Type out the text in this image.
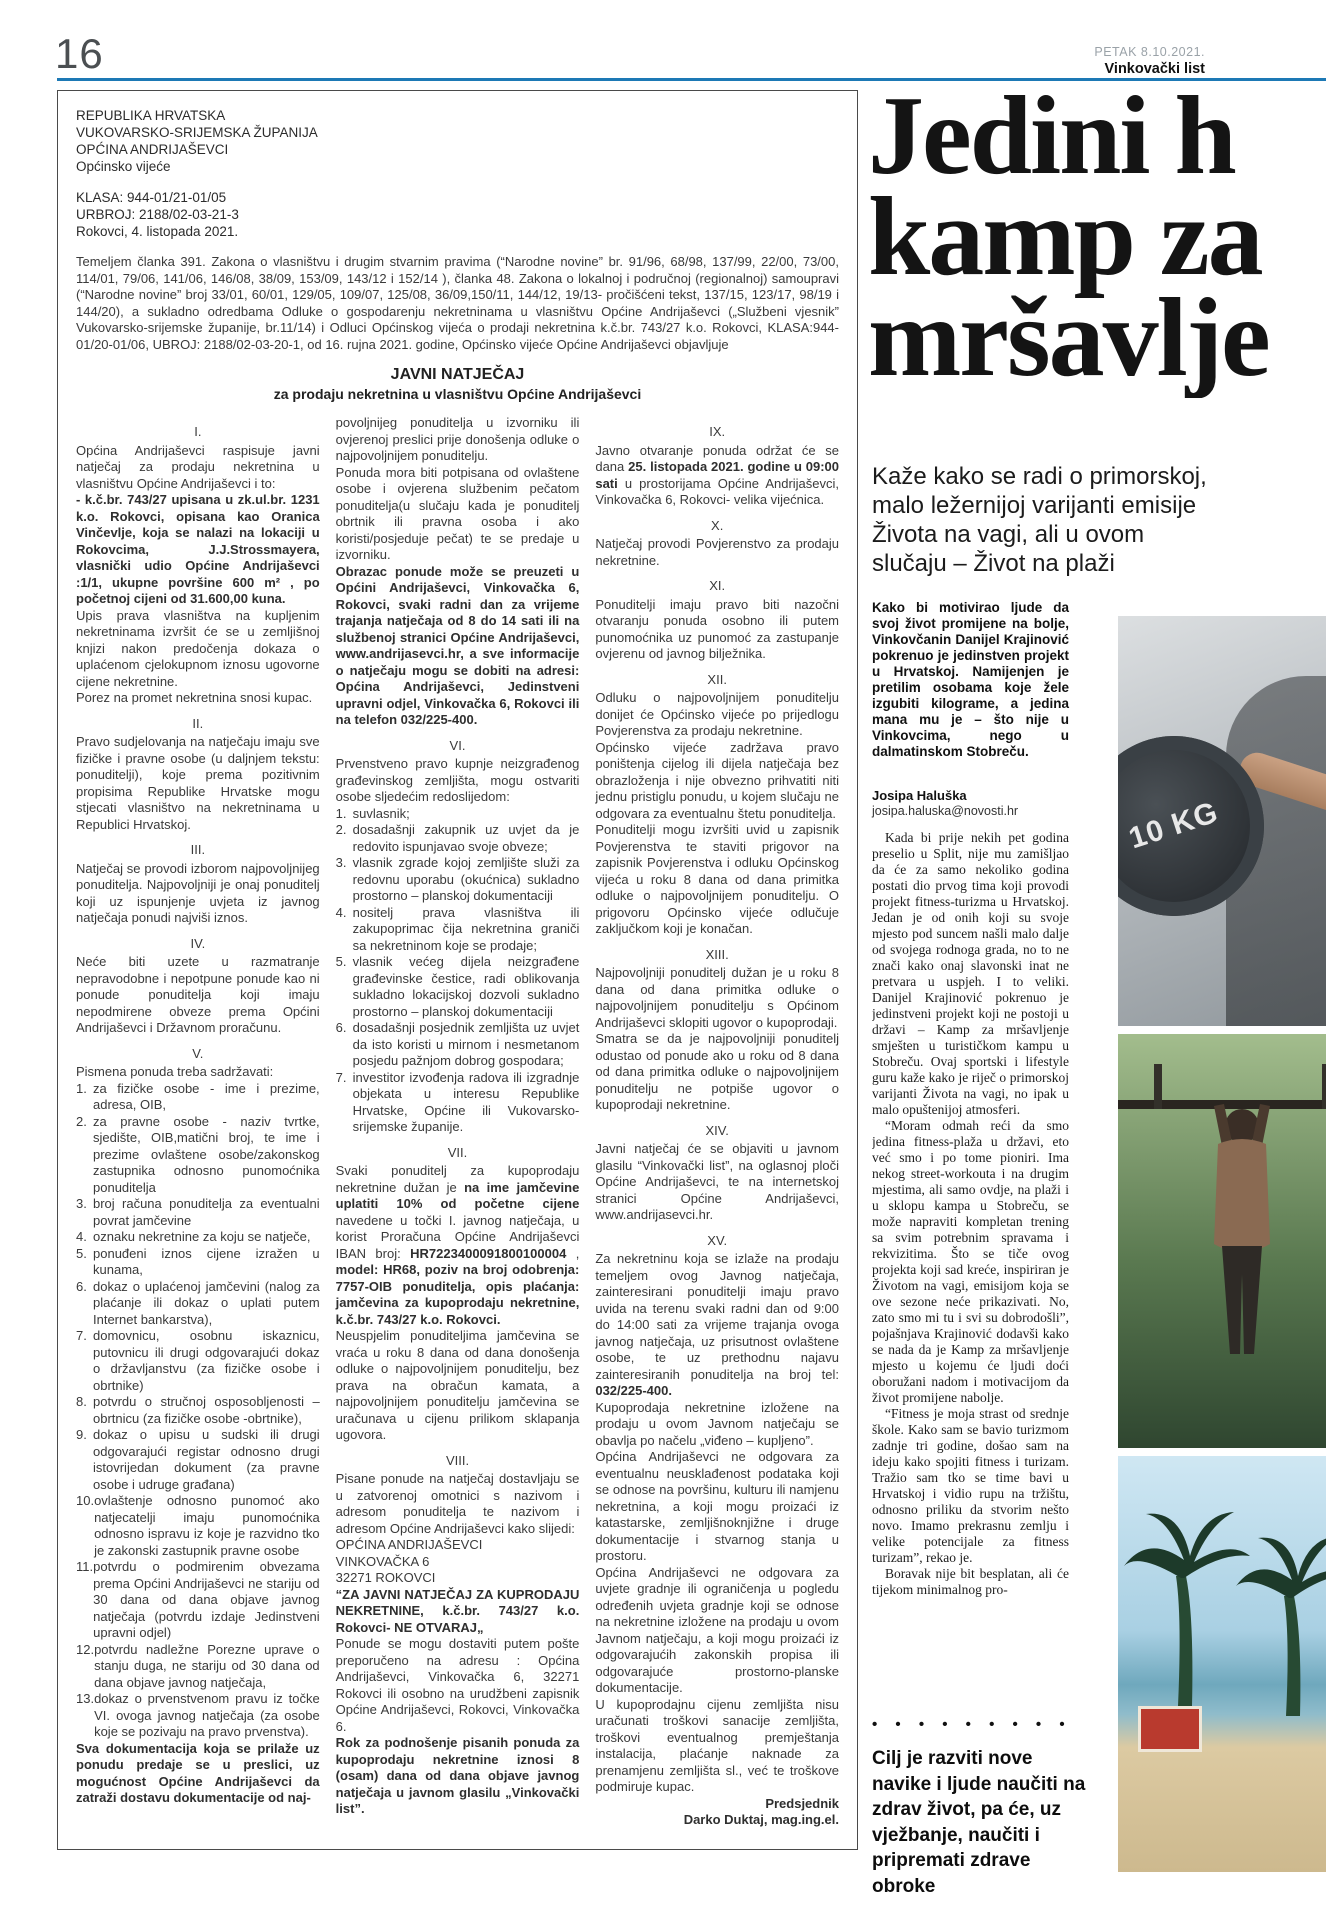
16	PETAK 8.10.2021.
Vinkovački list
REPUBLIKA HRVATSKA
VUKOVARSKO-SRIJEMSKA ŽUPANIJA
OPĆINA ANDRIJAŠEVCI
Općinsko vijeće
KLASA: 944-01/21-01/05
URBROJ: 2188/02-03-21-3
Rokovci, 4. listopada 2021.
Temeljem članka 391. Zakona o vlasništvu i drugim stvarnim pravima (“Narodne novine” br. 91/96, 68/98, 137/99, 22/00, 73/00, 114/01, 79/06, 141/06, 146/08, 38/09, 153/09, 143/12 i 152/14 ), članka 48. Zakona o lokalnoj i područnoj (regionalnoj) samoupravi (“Narodne novine” broj 33/01, 60/01, 129/05, 109/07, 125/08, 36/09,150/11, 144/12, 19/13- pročišćeni tekst, 137/15, 123/17, 98/19 i 144/20), a sukladno odredbama Odluke o gospodarenju nekretninama u vlasništvu Općine Andrijaševci („Službeni vjesnik” Vukovarsko-srijemske županije, br.11/14) i Odluci Općinskog vijeća o prodaji nekretnina k.č.br. 743/27 k.o. Rokovci, KLASA:944-01/20-01/06, UBROJ: 2188/02-03-20-1, od 16. rujna 2021. godine, Općinsko vijeće Općine Andrijaševci objavljuje
JAVNI NATJEČAJ
za prodaju nekretnina u vlasništvu Općine Andrijaševci
I.
Općina Andrijaševci raspisuje javni natječaj za prodaju nekretnina u vlasništvu Općine Andrijaševci i to:
- k.č.br. 743/27 upisana u zk.ul.br. 1231 k.o. Rokovci, opisana kao Oranica Vinčevlje, koja se nalazi na lokaciji u Rokovcima, J.J.Strossmayera, vlasnički udio Općine Andrijaševci :1/1, ukupne površine 600 m² , po početnoj cijeni od 31.600,00 kuna.
Upis prava vlasništva na kupljenim nekretninama izvršit će se u zemljišnoj knjizi nakon predočenja dokaza o uplaćenom cjelokupnom iznosu ugovorne cijene nekretnine.
Porez na promet nekretnina snosi kupac.
II.
Pravo sudjelovanja na natječaju imaju sve fizičke i pravne osobe (u daljnjem tekstu: ponuditelji), koje prema pozitivnim propisima Republike Hrvatske mogu stjecati vlasništvo na nekretninama u Republici Hrvatskoj.
III.
Natječaj se provodi izborom najpovoljnijeg ponuditelja. Najpovoljniji je onaj ponuditelj koji uz ispunjenje uvjeta iz javnog natječaja ponudi najviši iznos.
IV.
Neće biti uzete u razmatranje nepravodobne i nepotpune ponude kao ni ponude ponuditelja koji imaju nepodmirene obveze prema Općini Andrijaševci i Državnom proračunu.
V.
Pismena ponuda treba sadržavati:
1. za fizičke osobe - ime i prezime, adresa, OIB,
2. za pravne osobe - naziv tvrtke, sjedište, OIB,matični broj, te ime i prezime ovlaštene osobe/zakonskog zastupnika odnosno punomoćnika ponuditelja
3. broj računa ponuditelja za eventualni povrat jamčevine
4. oznaku nekretnine za koju se natječe,
5. ponuđeni iznos cijene izražen u kunama,
6. dokaz o uplaćenoj jamčevini (nalog za plaćanje ili dokaz o uplati putem Internet bankarstva),
7. domovnicu, osobnu iskaznicu, putovnicu ili drugi odgovarajući dokaz o državljanstvu (za fizičke osobe i obrtnike)
8. potvrdu o stručnoj osposobljenosti – obrtnicu (za fizičke osobe -obrtnike),
9. dokaz o upisu u sudski ili drugi odgovarajući registar odnosno drugi istovrijedan dokument (za pravne osobe i udruge građana)
10. ovlaštenje odnosno punomoć ako natjecatelji imaju punomoćnika odnosno ispravu iz koje je razvidno tko je zakonski zastupnik pravne osobe
11. potvrdu o podmirenim obvezama prema Općini Andrijaševci ne stariju od 30 dana od dana objave javnog natječaja (potvrdu izdaje Jedinstveni upravni odjel)
12. potvrdu nadležne Porezne uprave o stanju duga, ne stariju od 30 dana od dana objave javnog natječaja,
13. dokaz o prvenstvenom pravu iz točke VI. ovoga javnog natječaja (za osobe koje se pozivaju na pravo prvenstva).
Sva dokumentacija koja se prilaže uz ponudu predaje se u preslici, uz mogućnost Općine Andrijaševci da zatraži dostavu dokumentacije od naj-
povoljnijeg ponuditelja u izvorniku ili ovjerenoj preslici prije donošenja odluke o najpovoljnijem ponuditelju.
Ponuda mora biti potpisana od ovlaštene osobe i ovjerena službenim pečatom ponuditelja(u slučaju kada je ponuditelj obrtnik ili pravna osoba i ako koristi/posjeduje pečat) te se predaje u izvorniku.
Obrazac ponude može se preuzeti u Općini Andrijaševci, Vinkovačka 6, Rokovci, svaki radni dan za vrijeme trajanja natječaja od 8 do 14 sati ili na službenoj stranici Općine Andrijaševci, www.andrijasevci.hr, a sve informacije o natječaju mogu se dobiti na adresi: Općina Andrijaševci, Jedinstveni upravni odjel, Vinkovačka 6, Rokovci ili na telefon 032/225-400.
VI.
Prvenstveno pravo kupnje neizgrađenog građevinskog zemljišta, mogu ostvariti osobe sljedećim redoslijedom:
1. suvlasnik;
2. dosadašnji zakupnik uz uvjet da je redovito ispunjavao svoje obveze;
3. vlasnik zgrade kojoj zemljište služi za redovnu uporabu (okućnica) sukladno prostorno – planskoj dokumentaciji
4. nositelj prava vlasništva ili zakupoprimac čija nekretnina graniči sa nekretninom koje se prodaje;
5. vlasnik većeg dijela neizgrađene građevinske čestice, radi oblikovanja sukladno lokacijskoj dozvoli sukladno prostorno – planskoj dokumentaciji
6. dosadašnji posjednik zemljišta uz uvjet da isto koristi u mirnom i nesmetanom posjedu pažnjom dobrog gospodara;
7. investitor izvođenja radova ili izgradnje objekata u interesu Republike Hrvatske, Općine ili Vukovarsko-srijemske županije.
VII.
Svaki ponuditelj za kupoprodaju nekretnine dužan je na ime jamčevine uplatiti 10% od početne cijene navedene u točki I. javnog natječaja, u korist Proračuna Općine Andrijaševci IBAN broj: HR7223400091800100004 , model: HR68, poziv na broj odobrenja: 7757-OIB ponuditelja, opis plaćanja: jamčevina za kupoprodaju nekretnine, k.č.br. 743/27 k.o. Rokovci.
Neuspjelim ponuditeljima jamčevina se vraća u roku 8 dana od dana donošenja odluke o najpovoljnijem ponuditelju, bez prava na obračun kamata, a najpovoljnijem ponuditelju jamčevina se uračunava u cijenu prilikom sklapanja ugovora.
VIII.
Pisane ponude na natječaj dostavljaju se u zatvorenoj omotnici s nazivom i adresom ponuditelja te nazivom i adresom Općine Andrijaševci kako slijedi:
OPĆINA ANDRIJAŠEVCI
VINKOVAČKA 6
32271 ROKOVCI
“ZA JAVNI NATJEČAJ ZA KUPRODAJU NEKRETNINE, k.č.br. 743/27 k.o. Rokovci- NE OTVARAJ„
Ponude se mogu dostaviti putem pošte preporučeno na adresu : Općina Andrijaševci, Vinkovačka 6, 32271 Rokovci ili osobno na urudžbeni zapisnik Općine Andrijaševci, Rokovci, Vinkovačka 6.
Rok za podnošenje pisanih ponuda za kupoprodaju nekretnine iznosi 8 (osam) dana od dana objave javnog natječaja u javnom glasilu „Vinkovački list”.
IX.
Javno otvaranje ponuda održat će se dana 25. listopada 2021. godine u 09:00 sati u prostorijama Općine Andrijaševci, Vinkovačka 6, Rokovci- velika vijećnica.
X.
Natječaj provodi Povjerenstvo za prodaju nekretnine.
XI.
Ponuditelji imaju pravo biti nazočni otvaranju ponuda osobno ili putem punomoćnika uz punomoć za zastupanje ovjerenu od javnog bilježnika.
XII.
Odluku o najpovoljnijem ponuditelju donijet će Općinsko vijeće po prijedlogu Povjerenstva za prodaju nekretnine.
Općinsko vijeće zadržava pravo poništenja cijelog ili dijela natječaja bez obrazloženja i nije obvezno prihvatiti niti jednu pristiglu ponudu, u kojem slučaju ne odgovara za eventualnu štetu ponuditelja.
Ponuditelji mogu izvršiti uvid u zapisnik Povjerenstva te staviti prigovor na zapisnik Povjerenstva i odluku Općinskog vijeća u roku 8 dana od dana primitka odluke o najpovoljnijem ponuditelju. O prigovoru Općinsko vijeće odlučuje zaključkom koji je konačan.
XIII.
Najpovoljniji ponuditelj dužan je u roku 8 dana od dana primitka odluke o najpovoljnijem ponuditelju s Općinom Andrijaševci sklopiti ugovor o kupoprodaji.
Smatra se da je najpovoljniji ponuditelj odustao od ponude ako u roku od 8 dana od dana primitka odluke o najpovoljnijem ponuditelju ne potpiše ugovor o kupoprodaji nekretnine.
XIV.
Javni natječaj će se objaviti u javnom glasilu “Vinkovački list”, na oglasnoj ploči Općine Andrijaševci, te na internetskoj stranici Općine Andrijaševci, www.andrijasevci.hr.
XV.
Za nekretninu koja se izlaže na prodaju temeljem ovog Javnog natječaja, zainteresirani ponuditelji imaju pravo uvida na terenu svaki radni dan od 9:00 do 14:00 sati za vrijeme trajanja ovoga javnog natječaja, uz prisutnost ovlaštene osobe, te uz prethodnu najavu zainteresiranih ponuditelja na broj tel: 032/225-400.
Kupoprodaja nekretnine izložene na prodaju u ovom Javnom natječaju se obavlja po načelu „viđeno – kupljeno”.
Općina Andrijaševci ne odgovara za eventualnu neusklađenost podataka koji se odnose na površinu, kulturu ili namjenu nekretnina, a koji mogu proizaći iz katastarske, zemljišnoknjižne i druge dokumentacije i stvarnog stanja u prostoru.
Općina Andrijaševci ne odgovara za uvjete gradnje ili ograničenja u pogledu određenih uvjeta gradnje koji se odnose na nekretnine izložene na prodaju u ovom Javnom natječaju, a koji mogu proizaći iz odgovarajućih zakonskih propisa ili odgovarajuće prostorno-planske dokumentacije.
U kupoprodajnu cijenu zemljišta nisu uračunati troškovi sanacije zemljišta, troškovi eventualnog premještanja instalacija, plaćanje naknade za prenamjenu zemljišta sl., već te troškove podmiruje kupac.
Predsjednik
Darko Duktaj, mag.ing.el.
Jedini h
kamp za
mršavlje
Kaže kako se radi o primorskoj, malo ležernijoj varijanti emisije Života na vagi, ali u ovom slučaju – Život na plaži
Kako bi motivirao ljude da svoj život promijene na bolje, Vinkovčanin Danijel Krajinović pokrenuo je jedinstven projekt u Hrvatskoj. Namijenjen je pretilim osobama koje žele izgubiti kilograme, a jedina mana mu je – što nije u Vinkovcima, nego u dalmatinskom Stobreču.
Josipa Haluška
josipa.haluska@novosti.hr

Kada bi prije nekih pet godina preselio u Split, nije mu zamišljao da će za samo nekoliko godina postati dio prvog tima koji provodi projekt fitness-turizma u Hrvatskoj. Jedan je od onih koji su svoje mjesto pod suncem našli malo dalje od svojega rodnoga grada, no to ne znači kako onaj slavonski inat ne pretvara u uspjeh. I to veliki. Danijel Krajinović pokrenuo je jedinstveni projekt koji ne postoji u državi – Kamp za mršavljenje smješten u turističkom kampu u Stobreču. Ovaj sportski i lifestyle guru kaže kako je riječ o primorskoj varijanti Života na vagi, no ipak u malo opuštenijoj atmosferi.

“Moram odmah reći da smo jedina fitness-plaža u državi, eto već smo i po tome pioniri. Ima nekog street-workouta i na drugim mjestima, ali samo ovdje, na plaži i u sklopu kampa u Stobreču, se može napraviti kompletan trening sa svim potrebnim spravama i rekvizitima. Što se tiče ovog projekta koji sad kreće, inspiriran je Životom na vagi, emisijom koja se ove sezone neće prikazivati. No, zato smo mi tu i svi su dobrodošli”, pojašnjava Krajinović dodavši kako se nada da je Kamp za mršavljenje mjesto u kojemu će ljudi doći oboružani nadom i motivacijom da život promijene nabolje.

“Fitness je moja strast od srednje škole. Kako sam se bavio turizmom zadnje tri godine, došao sam na ideju kako spojiti fitness i turizam. Tražio sam tko se time bavi u Hrvatskoj i vidio rupu na tržištu, odnosno priliku da stvorim nešto novo. Imamo prekrasnu zemlju i velike potencijale za fitness turizam”, rekao je.

Boravak nije bit besplatan, ali će tijekom minimalnog pro-

• • • • • • • • •
Cilj je razviti nove navike i ljude naučiti na zdrav život, pa će, uz vježbanje, naučiti i pripremati zdrave obroke
10 KG
